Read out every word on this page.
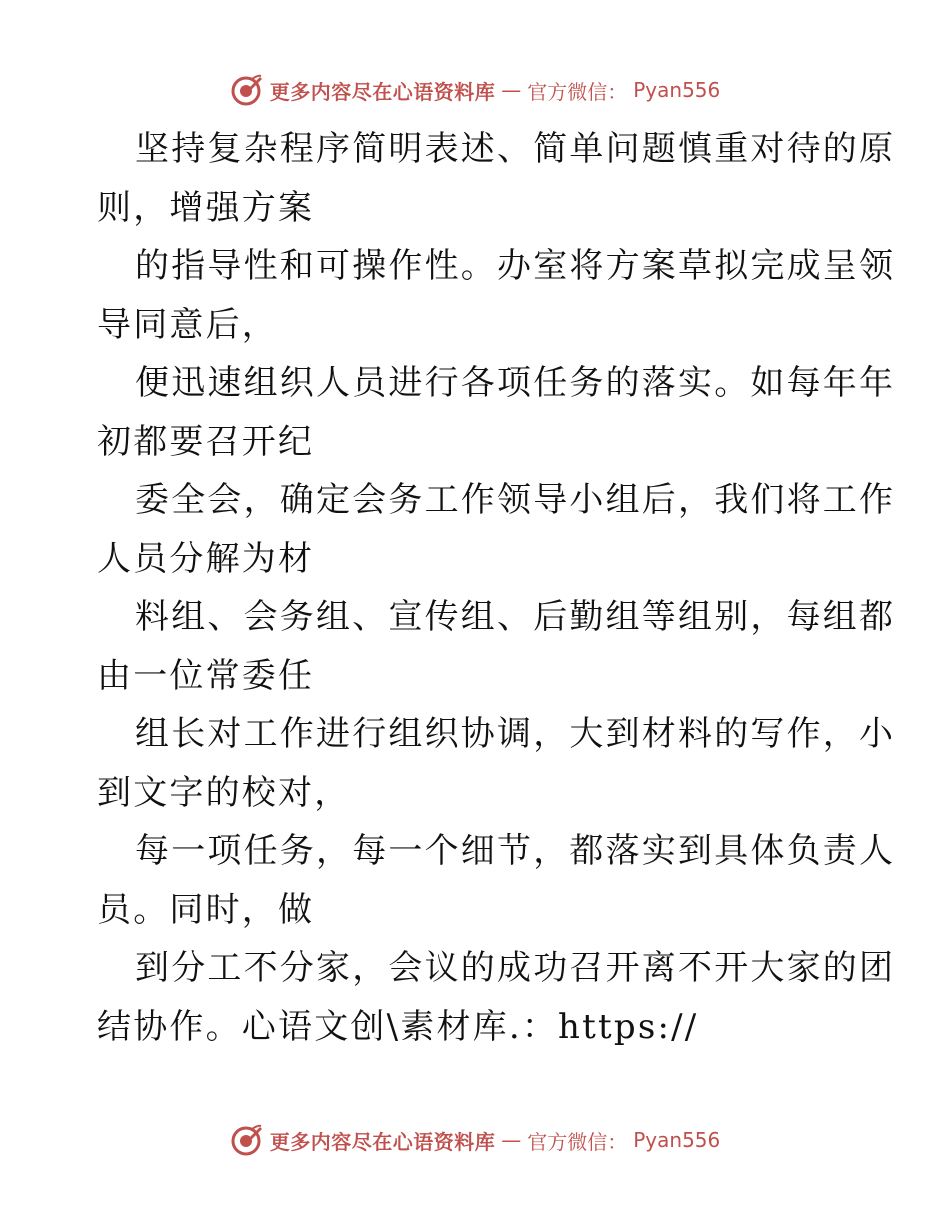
更多内容尽在心语资料库 — 官方微信： Pyan556
坚持复杂程序简明表述、简单问题慎重对待的原
则，增强方案
的指导性和可操作性。办室将方案草拟完成呈领
导同意后，
便迅速组织人员进行各项任务的落实。如每年年
初都要召开纪
委全会，确定会务工作领导小组后，我们将工作
人员分解为材
料组、会务组、宣传组、后勤组等组别，每组都
由一位常委任
组长对工作进行组织协调，大到材料的写作，小
到文字的校对，
每一项任务，每一个细节，都落实到具体负责人
员。同时，做
到分工不分家，会议的成功召开离不开大家的团
结协作。心语文创\素材库.：https://
更多内容尽在心语资料库 — 官方微信： Pyan556
